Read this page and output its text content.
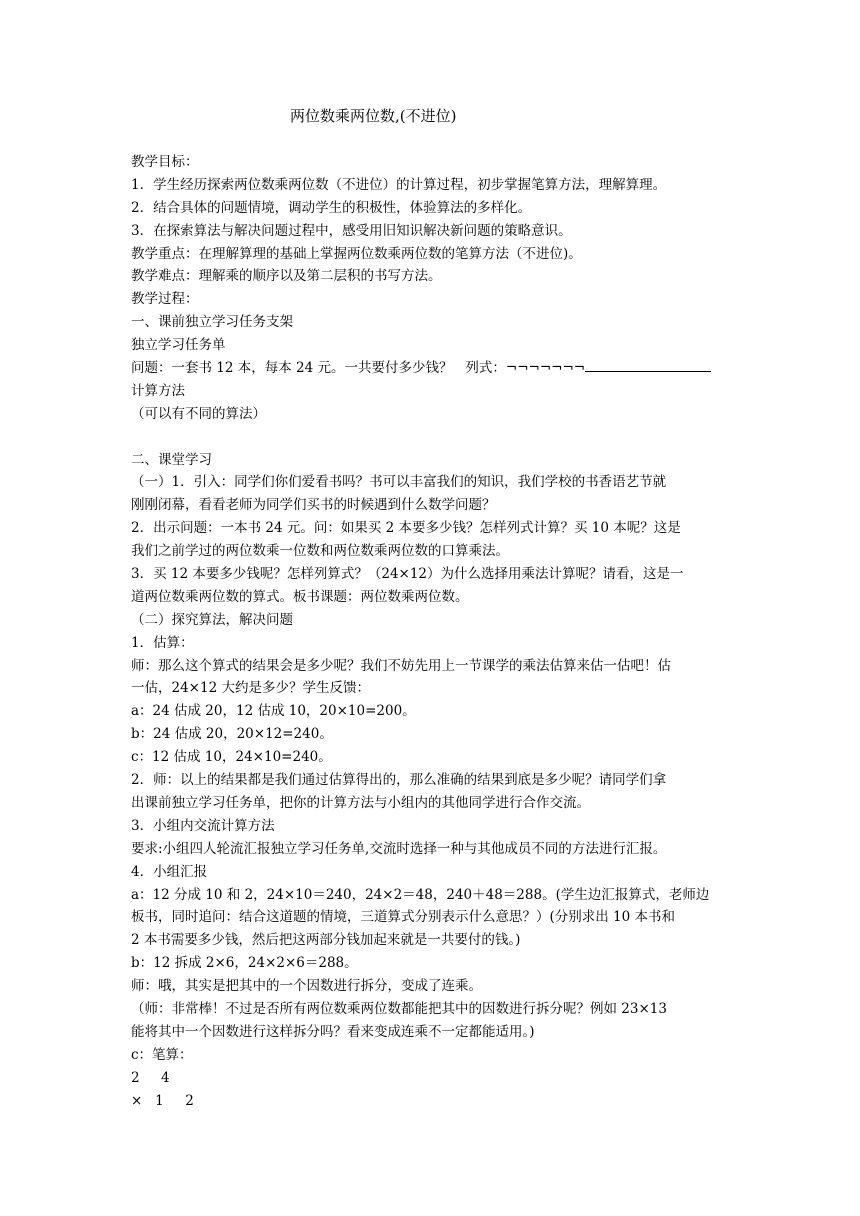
两位数乘两位数,(不进位)
教学目标：
1．学生经历探索两位数乘两位数（不进位）的计算过程，初步掌握笔算方法，理解算理。
2．结合具体的问题情境，调动学生的积极性，体验算法的多样化。
3．在探索算法与解决问题过程中，感受用旧知识解决新问题的策略意识。
教学重点：在理解算理的基础上掌握两位数乘两位数的笔算方法（不进位)。
教学难点：理解乘的顺序以及第二层积的书写方法。
教学过程：
一、课前独立学习任务支架
独立学习任务单
问题：一套书 12 本，每本 24 元。一共要付多少钱？   列式：¬¬¬¬¬¬¬
计算方法
（可以有不同的算法）
二、课堂学习
（一）1．引入：同学们你们爱看书吗？书可以丰富我们的知识，我们学校的书香语艺节就
刚刚闭幕，看看老师为同学们买书的时候遇到什么数学问题？
2．出示问题：一本书 24 元。问：如果买 2 本要多少钱？怎样列式计算？买 10 本呢？这是
我们之前学过的两位数乘一位数和两位数乘两位数的口算乘法。
3．买 12 本要多少钱呢？怎样列算式？（24×12）为什么选择用乘法计算呢？请看，这是一
道两位数乘两位数的算式。板书课题：两位数乘两位数。
（二）探究算法，解决问题
1．估算：
师：那么这个算式的结果会是多少呢？我们不妨先用上一节课学的乘法估算来估一估吧！估
一估，24×12 大约是多少？学生反馈：
a：24 估成 20，12 估成 10，20×10=200。
b：24 估成 20，20×12=240。
c：12 估成 10，24×10=240。
2．师：以上的结果都是我们通过估算得出的，那么准确的结果到底是多少呢？请同学们拿
出课前独立学习任务单，把你的计算方法与小组内的其他同学进行合作交流。
3．小组内交流计算方法
要求:小组四人轮流汇报独立学习任务单,交流时选择一种与其他成员不同的方法进行汇报。
4．小组汇报
a：12 分成 10 和 2，24×10＝240，24×2＝48，240＋48＝288。(学生边汇报算式，老师边
板书，同时追问：结合这道题的情境，三道算式分别表示什么意思？）(分别求出 10 本书和
2 本书需要多少钱，然后把这两部分钱加起来就是一共要付的钱。)
b：12 拆成 2×6，24×2×6＝288。
师：哦，其实是把其中的一个因数进行拆分，变成了连乘。
（师：非常棒！不过是否所有两位数乘两位数都能把其中的因数进行拆分呢？例如 23×13
能将其中一个因数进行这样拆分吗？看来变成连乘不一定都能适用。)
c：笔算：
2     4
×   1     2
